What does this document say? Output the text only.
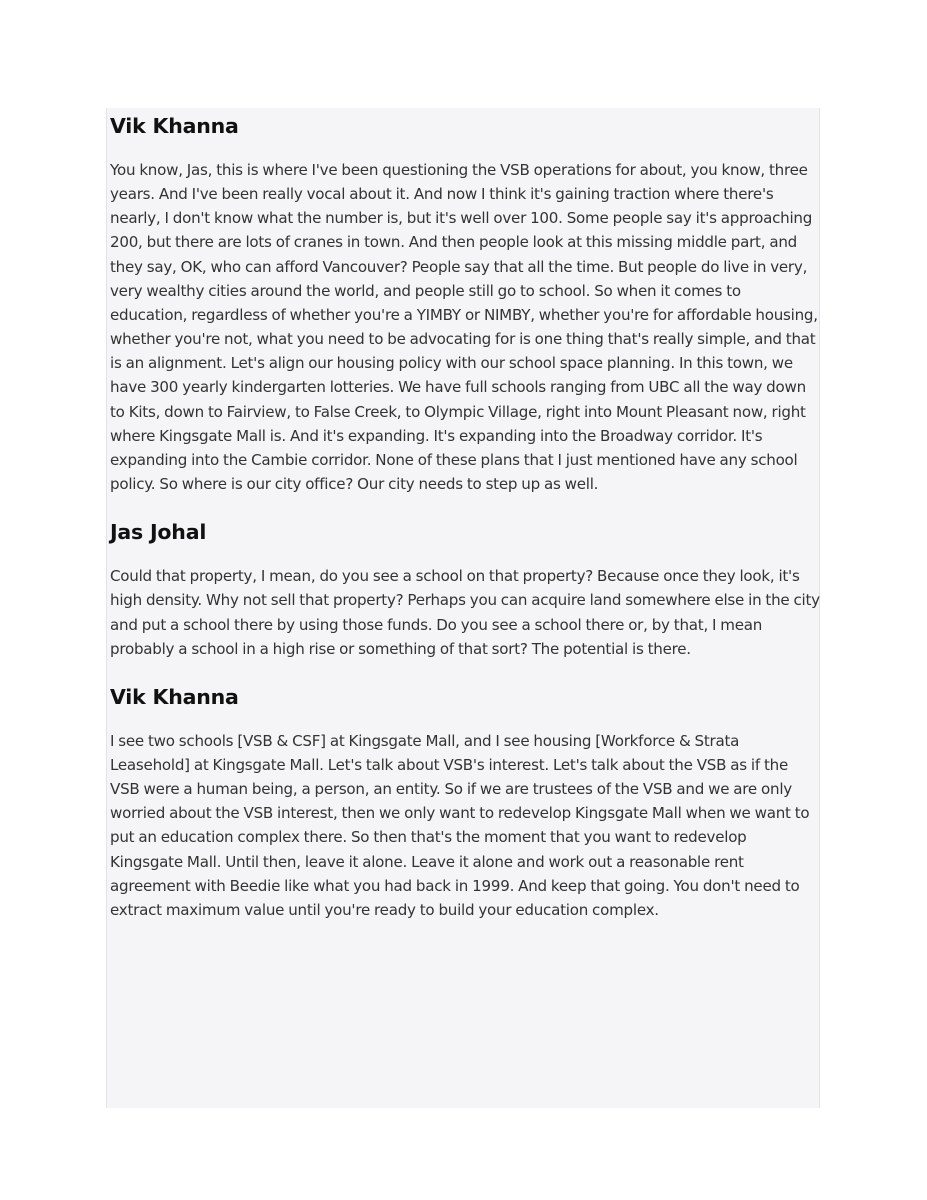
Vik Khanna

You know, Jas, this is where I've been questioning the VSB operations for about, you know, three years. And I've been really vocal about it. And now I think it's gaining traction where there's nearly, I don't know what the number is, but it's well over 100. Some people say it's approaching 200, but there are lots of cranes in town. And then people look at this missing middle part, and they say, OK, who can afford Vancouver? People say that all the time. But people do live in very, very wealthy cities around the world, and people still go to school. So when it comes to education, regardless of whether you're a YIMBY or NIMBY, whether you're for affordable housing, whether you're not, what you need to be advocating for is one thing that's really simple, and that is an alignment. Let's align our housing policy with our school space planning. In this town, we have 300 yearly kindergarten lotteries. We have full schools ranging from UBC all the way down to Kits, down to Fairview, to False Creek, to Olympic Village, right into Mount Pleasant now, right where Kingsgate Mall is. And it's expanding. It's expanding into the Broadway corridor. It's expanding into the Cambie corridor. None of these plans that I just mentioned have any school policy. So where is our city office? Our city needs to step up as well.

Jas Johal

Could that property, I mean, do you see a school on that property? Because once they look, it's high density. Why not sell that property? Perhaps you can acquire land somewhere else in the city and put a school there by using those funds. Do you see a school there or, by that, I mean probably a school in a high rise or something of that sort? The potential is there.

Vik Khanna

I see two schools [VSB & CSF] at Kingsgate Mall, and I see housing [Workforce & Strata Leasehold] at Kingsgate Mall. Let's talk about VSB's interest. Let's talk about the VSB as if the VSB were a human being, a person, an entity. So if we are trustees of the VSB and we are only worried about the VSB interest, then we only want to redevelop Kingsgate Mall when we want to put an education complex there. So then that's the moment that you want to redevelop Kingsgate Mall. Until then, leave it alone. Leave it alone and work out a reasonable rent agreement with Beedie like what you had back in 1999. And keep that going. You don't need to extract maximum value until you're ready to build your education complex.
